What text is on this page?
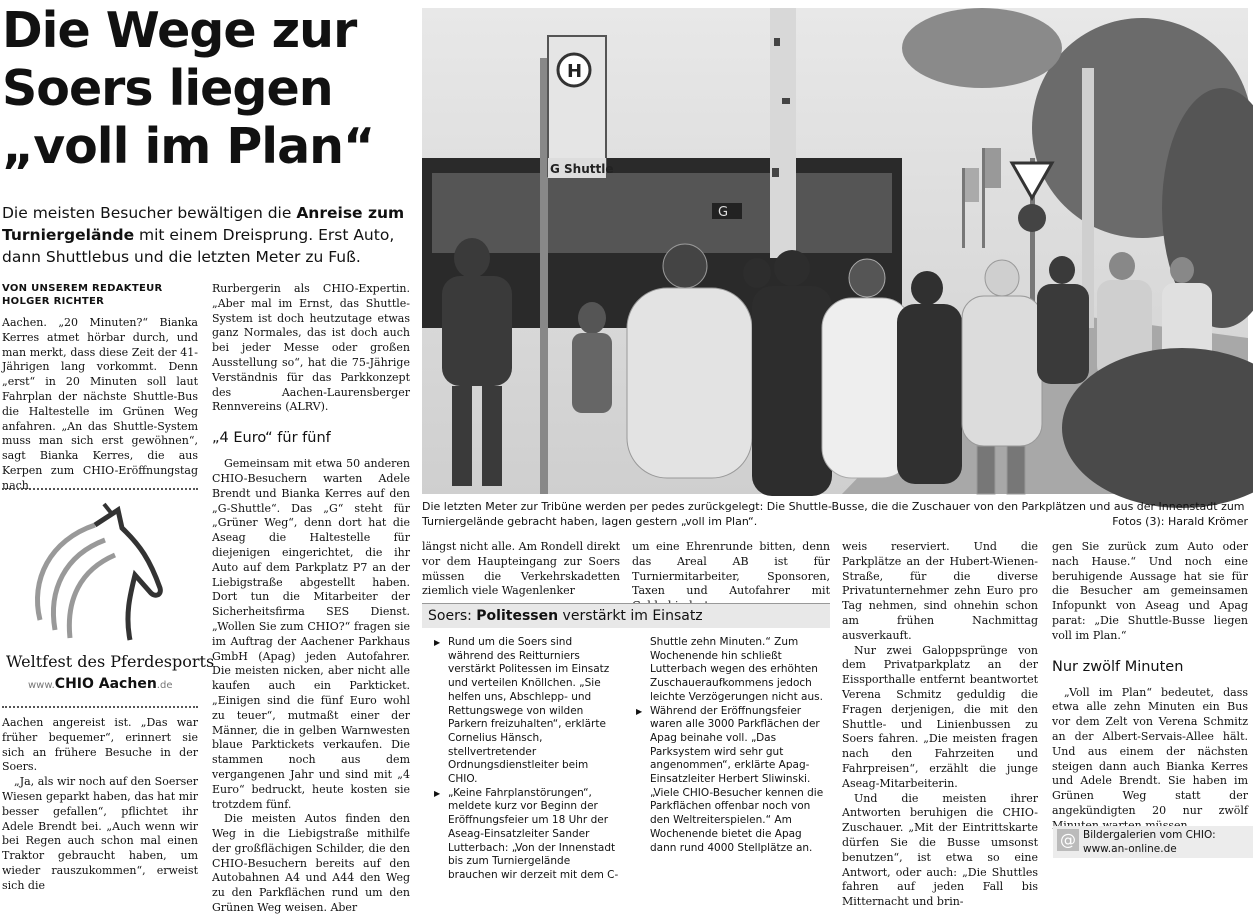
Die Wege zur
Soers liegen
„voll im Plan“
Die meisten Besucher bewältigen die Anreise zum Turniergelände mit einem Dreisprung. Erst Auto, dann Shuttlebus und die letzten Meter zu Fuß.
VON UNSEREM REDAKTEUR
HOLGER RICHTER

Aachen. „20 Minuten?“ Bianka Kerres atmet hörbar durch, und man merkt, dass diese Zeit der 41-Jährigen lang vorkommt. Denn „erst“ in 20 Minuten soll laut Fahrplan der nächste Shuttle-Bus die Haltestelle im Grünen Weg anfahren. „An das Shuttle-System muss man sich erst gewöhnen“, sagt Bianka Kerres, die aus Kerpen zum CHIO-Eröffnungstag nach

Weltfest des Pferdesports
www.CHIO Aachen.de

Aachen angereist ist. „Das war früher bequemer“, erinnert sie sich an frühere Besuche in der Soers.

„Ja, als wir noch auf den Soerser Wiesen geparkt haben, das hat mir besser gefallen“, pflichtet ihr Adele Brendt bei. „Auch wenn wir bei Regen auch schon mal einen Traktor gebraucht haben, um wieder rauszukommen“, erweist sich die

Rurbergerin als CHIO-Expertin. „Aber mal im Ernst, das Shuttle-System ist doch heutzutage etwas ganz Normales, das ist doch auch bei jeder Messe oder großen Ausstellung so“, hat die 75-Jährige Verständnis für das Parkkonzept des Aachen-Laurensberger Rennvereins (ALRV).

„4 Euro“ für fünf

Gemeinsam mit etwa 50 anderen CHIO-Besuchern warten Adele Brendt und Bianka Kerres auf den „G-Shuttle“. Das „G“ steht für „Grüner Weg“, denn dort hat die Aseag die Haltestelle für diejenigen eingerichtet, die ihr Auto auf dem Parkplatz P7 an der Liebigstraße abgestellt haben. Dort tun die Mitarbeiter der Sicherheitsfirma SES Dienst. „Wollen Sie zum CHIO?“ fragen sie im Auftrag der Aachener Parkhaus GmbH (Apag) jeden Autofahrer. Die meisten nicken, aber nicht alle kaufen auch ein Parkticket. „Einigen sind die fünf Euro wohl zu teuer“, mutmaßt einer der Männer, die in gelben Warnwesten blaue Parktickets verkaufen. Die stammen noch aus dem vergangenen Jahr und sind mit „4 Euro“ bedruckt, heute kosten sie trotzdem fünf.

Die meisten Autos finden den Weg in die Liebigstraße mithilfe der großflächigen Schilder, die den CHIO-Besuchern bereits auf den Autobahnen A4 und A44 den Weg zu den Parkflächen rund um den Grünen Weg weisen. Aber

G
H
G Shuttle
Die letzten Meter zur Tribüne werden per pedes zurückgelegt: Die Shuttle-Busse, die die Zuschauer von den Parkplätzen und aus der Innenstadt zum Turniergelände gebracht haben, lagen gestern „voll im Plan“.	Fotos (3): Harald Krömer

längst nicht alle. Am Rondell direkt vor dem Haupteingang zur Soers müssen die Verkehrskadetten ziemlich viele Wagenlenker

um eine Ehrenrunde bitten, denn das Areal AB ist für Turniermitarbeiter, Sponsoren, Taxen und Autofahrer mit

Soers: Politessen verstärkt im Einsatz
▶ Rund um die Soers sind während des Reitturniers verstärkt Politessen im Einsatz und verteilen Knöllchen. „Sie helfen uns, Abschlepp- und Rettungswege von wilden Parkern freizuhalten“, erklärte Cornelius Hänsch, stellvertretender Ordnungsdienstleiter beim CHIO.
▶ „Keine Fahrplanstörungen“, meldete kurz vor Beginn der Eröffnungsfeier um 18 Uhr der Aseag-Einsatzleiter Sander Lutterbach: „Von der Innenstadt bis zum Turniergelände brauchen wir derzeit mit dem C-
Shuttle zehn Minuten.“ Zum Wochenende hin schließt Lutterbach wegen des erhöhten Zuschaueraufkommens jedoch leichte Verzögerungen nicht aus.
▶ Während der Eröffnungsfeier waren alle 3000 Parkflächen der Apag beinahe voll. „Das Parksystem wird sehr gut angenommen“, erklärte Apag-Einsatzleiter Herbert Sliwinski. „Viele CHIO-Besucher kennen die Parkflächen offenbar noch von den Weltreiterspielen.“ Am Wochenende bietet die Apag dann rund 4000 Stellplätze an.

weis reserviert. Und die Parkplätze an der Hubert-Wienen-Straße, für die diverse Privatunternehmer zehn Euro pro Tag nehmen, sind ohnehin schon am frühen Nachmittag ausverkauft.

Nur zwei Galoppsprünge von dem Privatparkplatz an der Eissporthalle entfernt beantwortet Verena Schmitz geduldig die Fragen derjenigen, die mit den Shuttle- und Linienbussen zu Soers fahren. „Die meisten fragen nach den Fahrzeiten und Fahrpreisen“, erzählt die junge Aseag-Mitarbeiterin.

Und die meisten ihrer Antworten beruhigen die CHIO-Zuschauer. „Mit der Eintrittskarte dürfen Sie die Busse umsonst benutzen“, ist etwa so eine Antwort, oder auch: „Die Shuttles fahren auf jeden Fall bis Mitternacht und brin-

gen Sie zurück zum Auto oder nach Hause.“ Und noch eine beruhigende Aussage hat sie für die Besucher am gemeinsamen Infopunkt von Aseag und Apag parat: „Die Shuttle-Busse liegen voll im Plan.“

Nur zwölf Minuten

„Voll im Plan“ bedeutet, dass etwa alle zehn Minuten ein Bus vor dem Zelt von Verena Schmitz an der Albert-Servais-Allee hält. Und aus einem der nächsten steigen dann auch Bianka Kerres und Adele Brendt. Sie haben im Grünen Weg statt der angekündigten 20 nur zwölf

@ Bildergalerien vom CHIO:
www.an-online.de
